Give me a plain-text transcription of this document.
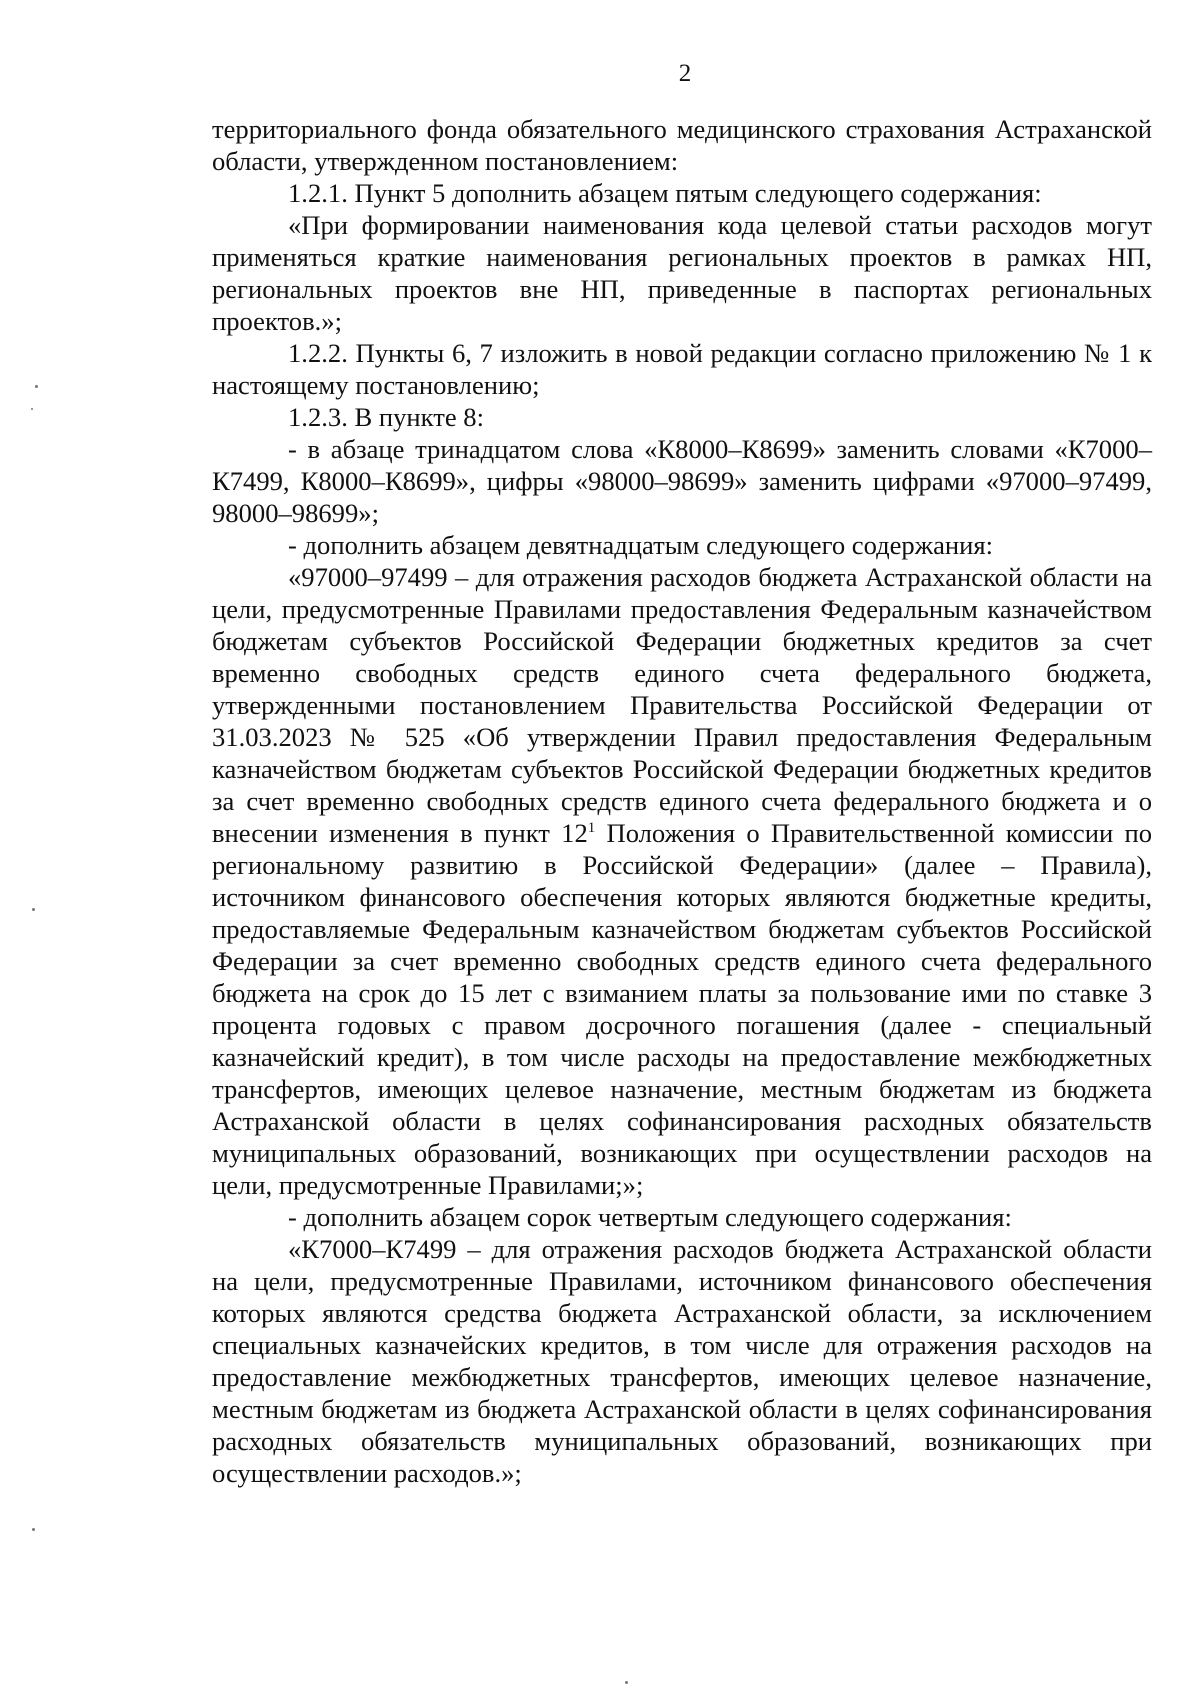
2

территориального фонда обязательного медицинского страхования Астраханской области, утвержденном постановлением:

1.2.1. Пункт 5 дополнить абзацем пятым следующего содержания:

«При формировании наименования кода целевой статьи расходов могут применяться краткие наименования региональных проектов в рамках НП, региональных проектов вне НП, приведенные в паспортах региональных проектов.»;

1.2.2. Пункты 6, 7 изложить в новой редакции согласно приложению № 1 к настоящему постановлению;

1.2.3. В пункте 8:

- в абзаце тринадцатом слова «К8000–К8699» заменить словами «К7000–К7499, К8000–К8699», цифры «98000–98699» заменить цифрами «97000–97499, 98000–98699»;

- дополнить абзацем девятнадцатым следующего содержания:

«97000–97499 – для отражения расходов бюджета Астраханской области на цели, предусмотренные Правилами предоставления Федеральным казначейством бюджетам субъектов Российской Федерации бюджетных кредитов за счет временно свободных средств единого счета федерального бюджета, утвержденными постановлением Правительства Российской Федерации от 31.03.2023 № 525 «Об утверждении Правил предоставления Федеральным казначейством бюджетам субъектов Российской Федерации бюджетных кредитов за счет временно свободных средств единого счета федерального бюджета и о внесении изменения в пункт $12^1$ Положения о Правительственной комиссии по региональному развитию в Российской Федерации» (далее – Правила), источником финансового обеспечения которых являются бюджетные кредиты, предоставляемые Федеральным казначейством бюджетам субъектов Российской Федерации за счет временно свободных средств единого счета федерального бюджета на срок до 15 лет с взиманием платы за пользование ими по ставке 3 процента годовых с правом досрочного погашения (далее - специальный казначейский кредит), в том числе расходы на предоставление межбюджетных трансфертов, имеющих целевое назначение, местным бюджетам из бюджета Астраханской области в целях софинансирования расходных обязательств муниципальных образований, возникающих при осуществлении расходов на цели, предусмотренные Правилами;»;

- дополнить абзацем сорок четвертым следующего содержания:

«К7000–К7499 – для отражения расходов бюджета Астраханской области на цели, предусмотренные Правилами, источником финансового обеспечения которых являются средства бюджета Астраханской области, за исключением специальных казначейских кредитов, в том числе для отражения расходов на предоставление межбюджетных трансфертов, имеющих целевое назначение, местным бюджетам из бюджета Астраханской области в целях софинансирования расходных обязательств муниципальных образований, возникающих при осуществлении расходов.»;
